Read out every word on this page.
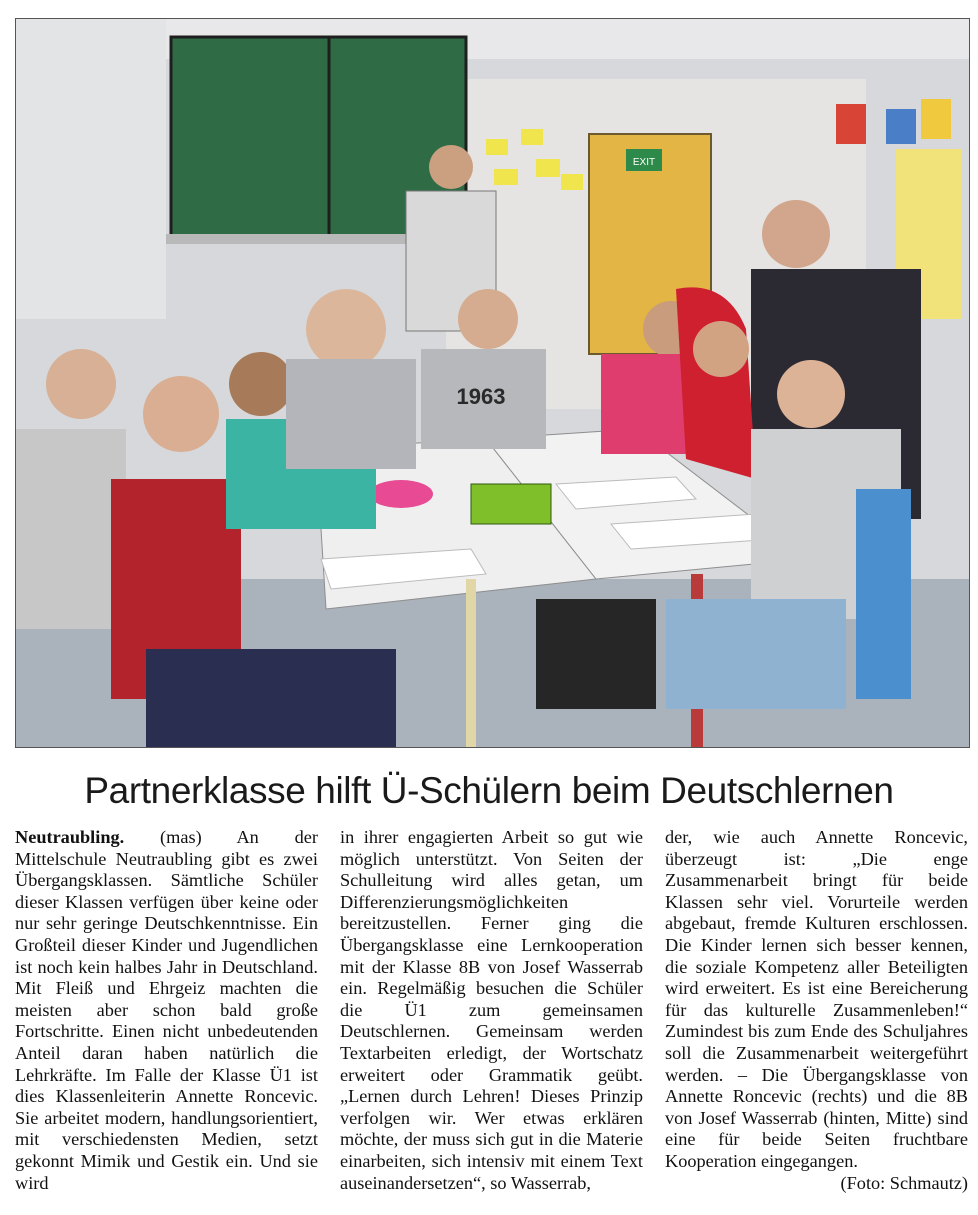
EXIT
1963
Partnerklasse hilft Ü-Schülern beim Deutschlernen

Neutraubling. (mas) An der Mittelschule Neutraubling gibt es zwei Übergangsklassen. Sämtliche Schüler dieser Klassen verfügen über keine oder nur sehr geringe Deutschkenntnisse. Ein Großteil dieser Kinder und Jugendlichen ist noch kein halbes Jahr in Deutschland. Mit Fleiß und Ehrgeiz machten die meisten aber schon bald große Fortschritte. Einen nicht unbedeutenden Anteil daran haben natürlich die Lehrkräfte. Im Falle der Klasse Ü1 ist dies Klassenleiterin Annette Roncevic. Sie arbeitet modern, handlungsorientiert, mit verschiedensten Medien, setzt gekonnt Mimik und Gestik ein. Und sie wird

in ihrer engagierten Arbeit so gut wie möglich unterstützt. Von Seiten der Schulleitung wird alles getan, um Differenzierungsmöglichkeiten bereitzustellen. Ferner ging die Übergangsklasse eine Lernkooperation mit der Klasse 8B von Josef Wasserrab ein. Regelmäßig besuchen die Schüler die Ü1 zum gemeinsamen Deutschlernen. Gemeinsam werden Textarbeiten erledigt, der Wortschatz erweitert oder Grammatik geübt. „Lernen durch Lehren! Dieses Prinzip verfolgen wir. Wer etwas erklären möchte, der muss sich gut in die Materie einarbeiten, sich intensiv mit einem Text auseinandersetzen“, so Wasserrab,

der, wie auch Annette Roncevic, überzeugt ist: „Die enge Zusammenarbeit bringt für beide Klassen sehr viel. Vorurteile werden abgebaut, fremde Kulturen erschlossen. Die Kinder lernen sich besser kennen, die soziale Kompetenz aller Beteiligten wird erweitert. Es ist eine Bereicherung für das kulturelle Zusammenleben!“ Zumindest bis zum Ende des Schuljahres soll die Zusammenarbeit weitergeführt werden. – Die Übergangsklasse von Annette Roncevic (rechts) und die 8B von Josef Wasserrab (hinten, Mitte) sind eine für beide Seiten fruchtbare Kooperation eingegangen.
(Foto: Schmautz)
